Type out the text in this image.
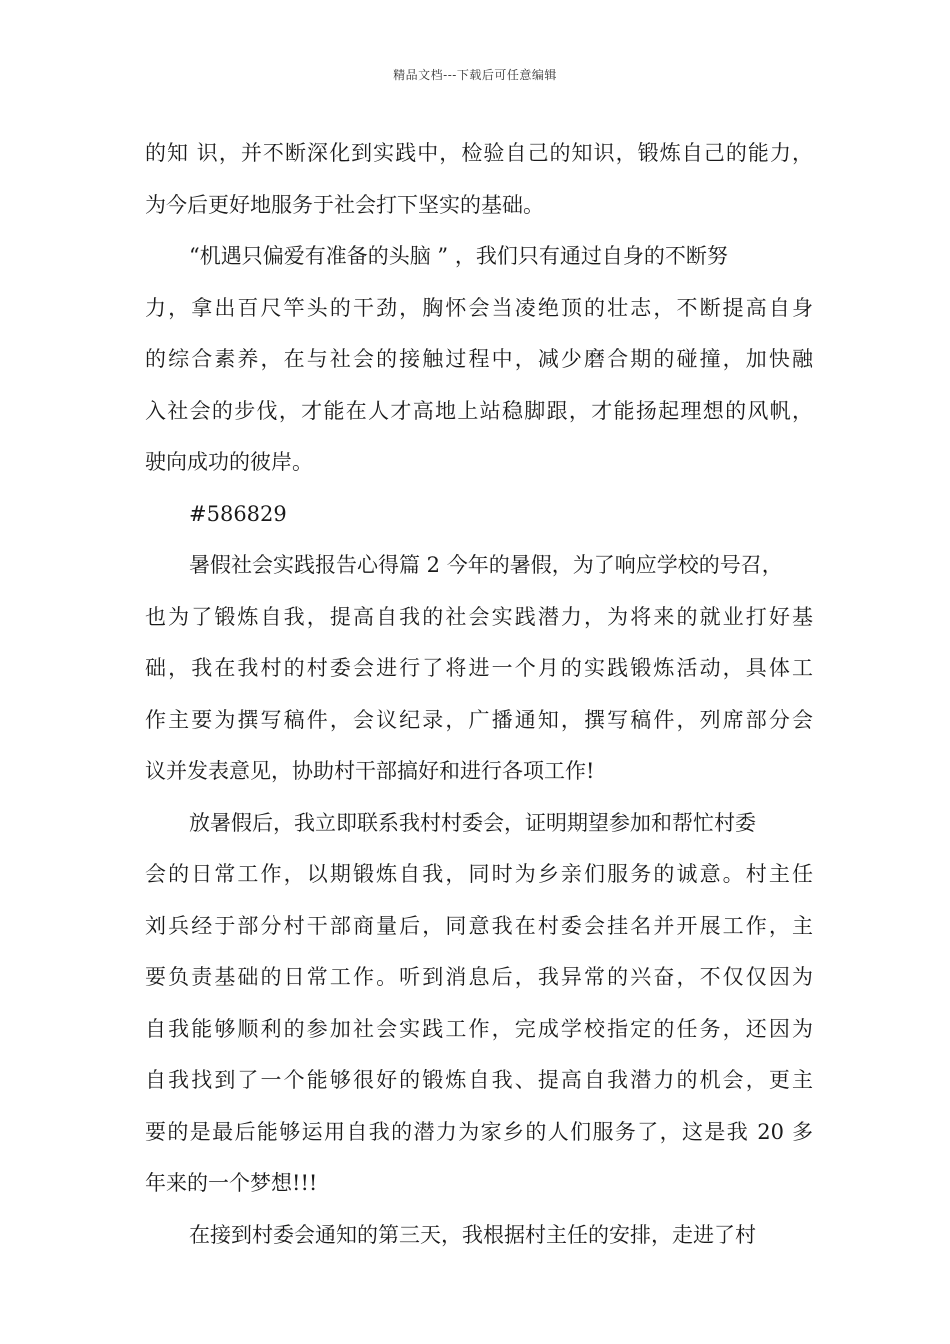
精品文档---下载后可任意编辑
的知 识，并不断深化到实践中，检验自己的知识，锻炼自己的能力，
为今后更好地服务于社会打下坚实的基础。
“机遇只偏爱有准备的头脑 ” ，我们只有通过自身的不断努
力，拿出百尺竿头的干劲，胸怀会当凌绝顶的壮志，不断提高自身
的综合素养，在与社会的接触过程中，减少磨合期的碰撞，加快融
入社会的步伐，才能在人才高地上站稳脚跟，才能扬起理想的风帆，
驶向成功的彼岸。
#586829
暑假社会实践报告心得篇 2 今年的暑假，为了响应学校的号召，
也为了锻炼自我，提高自我的社会实践潜力，为将来的就业打好基
础，我在我村的村委会进行了将进一个月的实践锻炼活动，具体工
作主要为撰写稿件，会议纪录，广播通知，撰写稿件，列席部分会
议并发表意见，协助村干部搞好和进行各项工作!
放暑假后，我立即联系我村村委会，证明期望参加和帮忙村委
会的日常工作，以期锻炼自我，同时为乡亲们服务的诚意。村主任
刘兵经于部分村干部商量后，同意我在村委会挂名并开展工作，主
要负责基础的日常工作。听到消息后，我异常的兴奋，不仅仅因为
自我能够顺利的参加社会实践工作，完成学校指定的任务，还因为
自我找到了一个能够很好的锻炼自我、提高自我潜力的机会，更主
要的是最后能够运用自我的潜力为家乡的人们服务了，这是我 20 多
年来的一个梦想!!!
在接到村委会通知的第三天，我根据村主任的安排，走进了村
